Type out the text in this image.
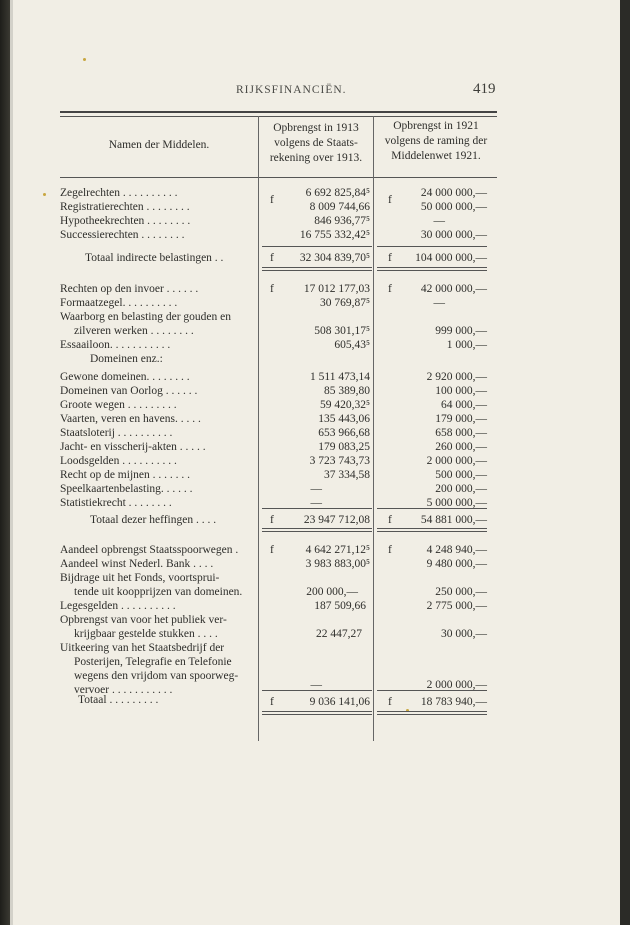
RIJKSFINANCIËN.	419
Namen der Middelen.
Opbrengst in 1913 volgens de Staats-rekening over 1913.
Opbrengst in 1921 volgens de raming der Middelenwet 1921.
f	f
f	f
f	f
f	f
f	f
f	f
Zegelrechten . . . . . . . . . .	6 692 825,84⁵	24 000 000,—
Registratierechten . . . . . . . .	8 009 744,66	50 000 000,—
Hypotheekrechten . . . . . . . .	846 936,77⁵	—
Successierechten . . . . . . . .	16 755 332,42⁵	30 000 000,—
Totaal indirecte belastingen . .	32 304 839,70⁵	104 000 000,—
Rechten op den invoer . . . . . .	17 012 177,03	42 000 000,—
Formaatzegel. . . . . . . . . .	30 769,87⁵	—
Waarborg en belasting der gouden en
zilveren werken . . . . . . . .	508 301,17⁵	999 000,—
Essaailoon. . . . . . . . . . .	605,43⁵	1 000,—
Domeinen enz.:
Gewone domeinen. . . . . . . .	1 511 473,14	2 920 000,—
Domeinen van Oorlog . . . . . .	85 389,80	100 000,—
Groote wegen . . . . . . . . .	59 420,32⁵	64 000,—
Vaarten, veren en havens. . . . .	135 443,06	179 000,—
Staatsloterij . . . . . . . . . .	653 966,68	658 000,—
Jacht- en visscherij-akten . . . . .	179 083,25	260 000,—
Loodsgelden . . . . . . . . . .	3 723 743,73	2 000 000,—
Recht op de mijnen . . . . . . .	37 334,58	500 000,—
Speelkaartenbelasting. . . . . .	—	200 000,—
Statistiekrecht . . . . . . . .	—	5 000 000,—
Totaal dezer heffingen . . . .	23 947 712,08	54 881 000,—
Aandeel opbrengst Staatsspoorwegen .	4 642 271,12⁵	4 248 940,—
Aandeel winst Nederl. Bank . . . .	3 983 883,00⁵	9 480 000,—
Bijdrage uit het Fonds, voortsprui-
tende uit koopprijzen van domeinen.	200 000,—	250 000,—
Legesgelden . . . . . . . . . .	187 509,66	2 775 000,—
Opbrengst van voor het publiek ver-
krijgbaar gestelde stukken . . . .	22 447,27	30 000,—
Uitkeering van het Staatsbedrijf der
Posterijen, Telegrafie en Telefonie
wegens den vrijdom van spoorweg-
vervoer . . . . . . . . . . .	—	2 000 000,—
Totaal . . . . . . . . .	9 036 141,06	18 783 940,—
